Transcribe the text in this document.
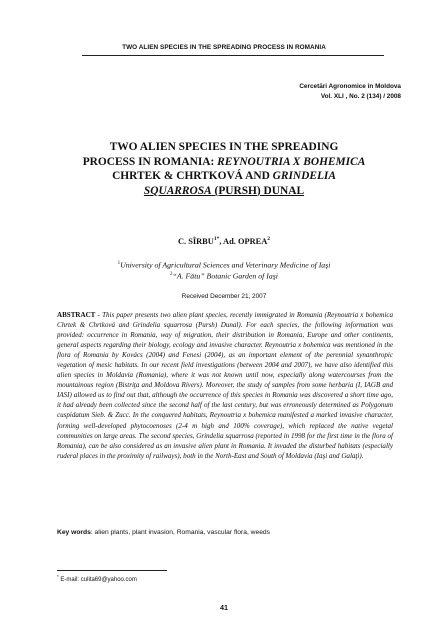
TWO ALIEN SPECIES IN THE SPREADING PROCESS IN ROMANIA
Cercetări Agronomice în Moldova
Vol. XLI , No. 2 (134) / 2008
TWO ALIEN SPECIES IN THE SPREADING
PROCESS IN ROMANIA: REYNOUTRIA X BOHEMICA
CHRTEK & CHRTKOVÁ AND GRINDELIA
SQUARROSA (PURSH) DUNAL
C. $SÎRBU^{1*}$, Ad. OPREA$^2$
$^1$University of Agricultural Sciences and Veterinary Medicine of Iaşi
$^2$“A. Fătu” Botanic Garden of Iaşi
Received December 21, 2007

ABSTRACT - This paper presents two alien plant species, recently immigrated in Romania (Reynoutria x bohemica Chrtek & Chrtková and Grindelia squarrosa (Pursh) Dunal). For each species, the following information was provided: occurrence in Romania, way of migration, their distribution in Romania, Europe and other continents, general aspects regarding their biology, ecology and invasive character. Reynoutria x bohemica was mentioned in the flora of Romania by Kovács (2004) and Fenesi (2004), as an important element of the perennial synanthropic vegetation of mesic habitats. In our recent field investigations (between 2004 and 2007), we have also identified this alien species in Moldavia (Romania), where it was not known until now, especially along watercourses from the mountainous region (Bistriţa and Moldova Rivers). Moreover, the study of samples from some herbaria (I, IAGB and IASI) allowed us to find out that, although the occurrence of this species in Romania was discovered a short time ago, it had already been collected since the second half of the last century, but was erroneously determined as Polygonum cuspidatum Sieb. & Zucc. In the conquered habitats, Reynoutria x bohemica manifested a marked invasive character, forming well-developed phytocoenoses (2-4 m high and 100% coverage), which replaced the native vegetal communities on large areas. The second species, Grindelia squarrosa (reported in 1998 for the first time in the flora of Romania), can be also considered as an invasive alien plant in Romania. It invaded the disturbed habitats (especially ruderal places in the proximity of railways), both in the North-East and South of Moldavia (Iaşi and Galaţi).

Key words: alien plants, plant invasion, Romania, vascular flora, weeds

* E-mail: culita69@yahoo.com
41
